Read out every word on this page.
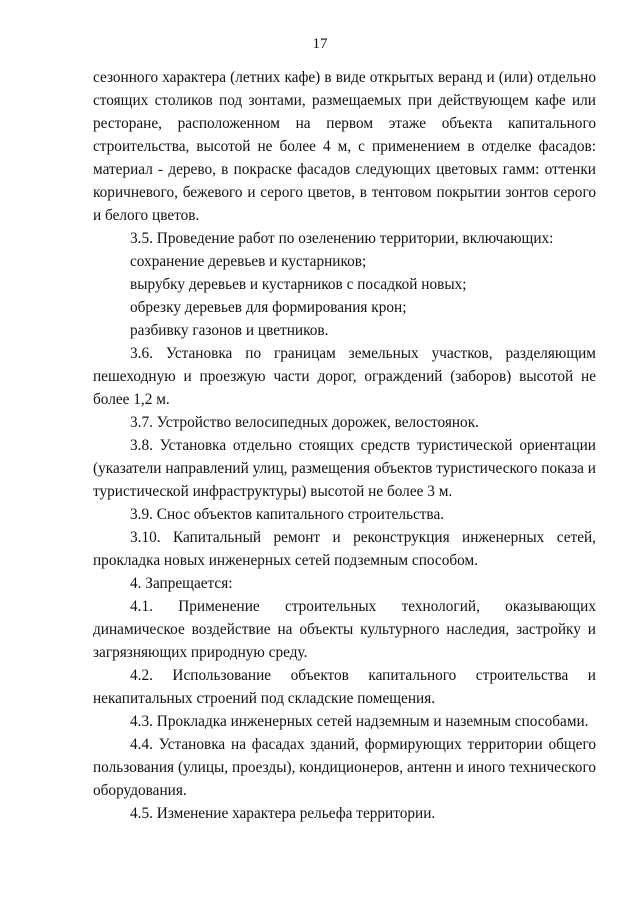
17

сезонного характера (летних кафе) в виде открытых веранд и (или) отдельно стоящих столиков под зонтами, размещаемых при действующем кафе или ресторане, расположенном на первом этаже объекта капитального строительства, высотой не более 4 м, с применением в отделке фасадов: материал - дерево, в покраске фасадов следующих цветовых гамм: оттенки коричневого, бежевого и серого цветов, в тентовом покрытии зонтов серого и белого цветов.

3.5. Проведение работ по озеленению территории, включающих:

сохранение деревьев и кустарников;

вырубку деревьев и кустарников с посадкой новых;

обрезку деревьев для формирования крон;

разбивку газонов и цветников.

3.6. Установка по границам земельных участков, разделяющим пешеходную и проезжую части дорог, ограждений (заборов) высотой не более 1,2 м.

3.7. Устройство велосипедных дорожек, велостоянок.

3.8. Установка отдельно стоящих средств туристической ориентации (указатели направлений улиц, размещения объектов туристического показа и туристической инфраструктуры) высотой не более 3 м.

3.9. Снос объектов капитального строительства.

3.10. Капитальный ремонт и реконструкция инженерных сетей, прокладка новых инженерных сетей подземным способом.

4. Запрещается:

4.1. Применение строительных технологий, оказывающих динамическое воздействие на объекты культурного наследия, застройку и загрязняющих природную среду.

4.2. Использование объектов капитального строительства и некапитальных строений под складские помещения.

4.3. Прокладка инженерных сетей надземным и наземным способами.

4.4. Установка на фасадах зданий, формирующих территории общего пользования (улицы, проезды), кондиционеров, антенн и иного технического оборудования.

4.5. Изменение характера рельефа территории.
